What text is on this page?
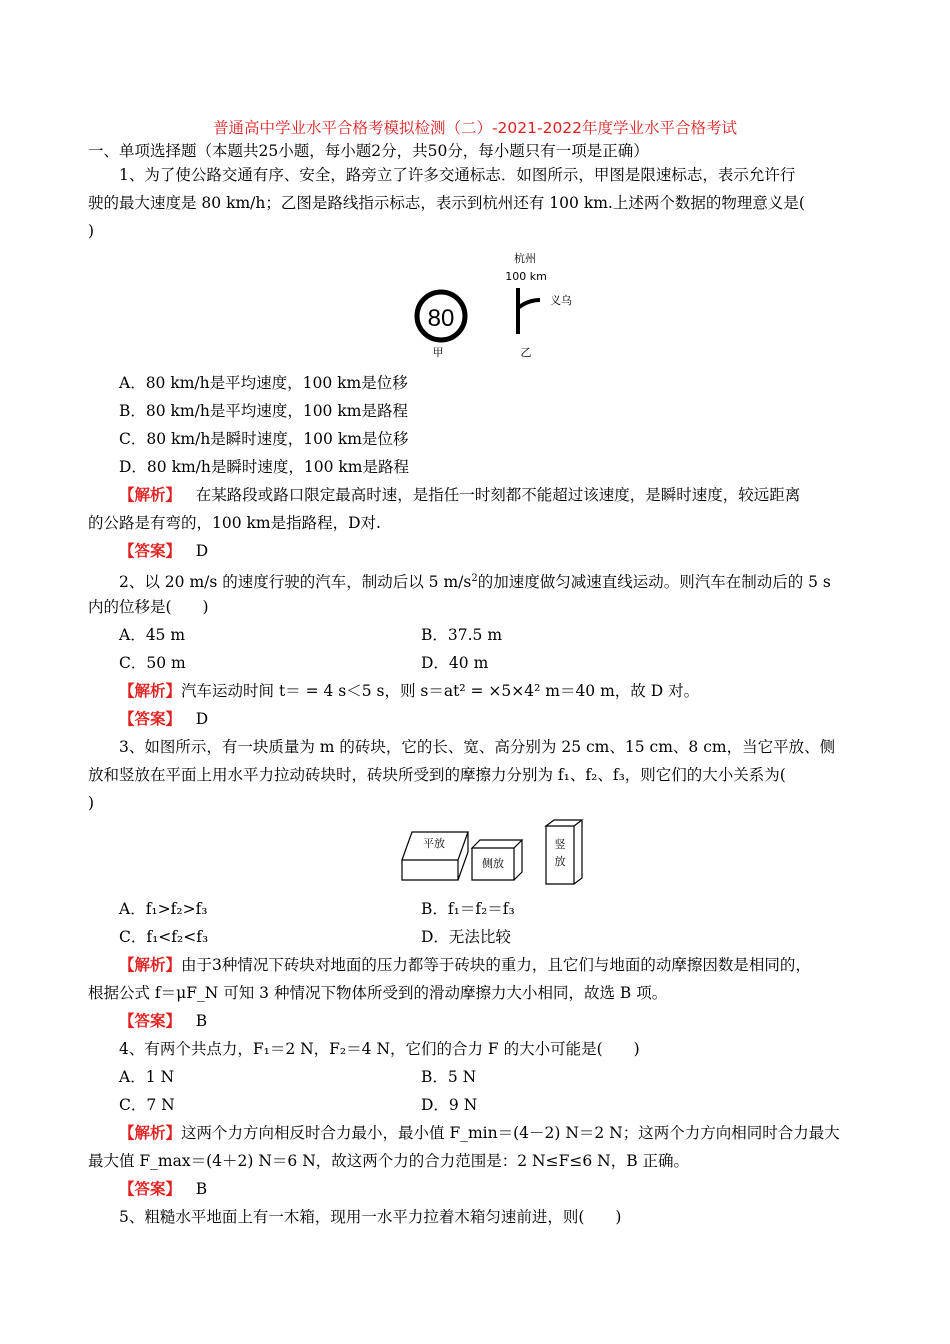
普通高中学业水平合格考模拟检测（二）-2021-2022年度学业水平合格考试
一、单项选择题（本题共25小题，每小题2分，共50分，每小题只有一项是正确）
1、为了使公路交通有序、安全，路旁立了许多交通标志．如图所示，甲图是限速标志，表示允许行
驶的最大速度是 80 km/h；乙图是路线指示标志，表示到杭州还有 100 km.上述两个数据的物理意义是(
)
80
甲
杭州
100 km
义乌
乙
A．80 km/h是平均速度，100 km是位移
B．80 km/h是平均速度，100 km是路程
C．80 km/h是瞬时速度，100 km是位移
D．80 km/h是瞬时速度，100 km是路程
【解析】 在某路段或路口限定最高时速，是指任一时刻都不能超过该速度，是瞬时速度，较远距离
的公路是有弯的，100 km是指路程，D对.
【答案】 D
2、以 20 m/s 的速度行驶的汽车，制动后以 5 $m/s^2$的加速度做匀减速直线运动。则汽车在制动后的 5 s
内的位移是(　　)
A．45 m	B．37.5 m
C．50 m	D．40 m
【解析】汽车运动时间 t＝ = 4 s＜5 s，则 s＝at² = ×5×4² m＝40 m，故 D 对。
【答案】 D
3、如图所示，有一块质量为 m 的砖块，它的长、宽、高分别为 25 cm、15 cm、8 cm，当它平放、侧
放和竖放在平面上用水平力拉动砖块时，砖块所受到的摩擦力分别为 f₁、f₂、f₃，则它们的大小关系为(
)
平放
侧放
竖
放
A．f₁>f₂>f₃	B．f₁＝f₂＝f₃
C．f₁<f₂<f₃	D．无法比较
【解析】由于3种情况下砖块对地面的压力都等于砖块的重力，且它们与地面的动摩擦因数是相同的，
根据公式 f＝μF_N 可知 3 种情况下物体所受到的滑动摩擦力大小相同，故选 B 项。
【答案】 B
4、有两个共点力，F₁＝2 N，F₂＝4 N，它们的合力 F 的大小可能是(　　)
A．1 N	B．5 N
C．7 N	D．9 N
【解析】这两个力方向相反时合力最小，最小值 F_min＝(4－2) N＝2 N；这两个力方向相同时合力最大
最大值 F_max＝(4＋2) N＝6 N，故这两个力的合力范围是：2 N≤F≤6 N，B 正确。
【答案】 B
5、粗糙水平地面上有一木箱，现用一水平力拉着木箱匀速前进，则(　　)
